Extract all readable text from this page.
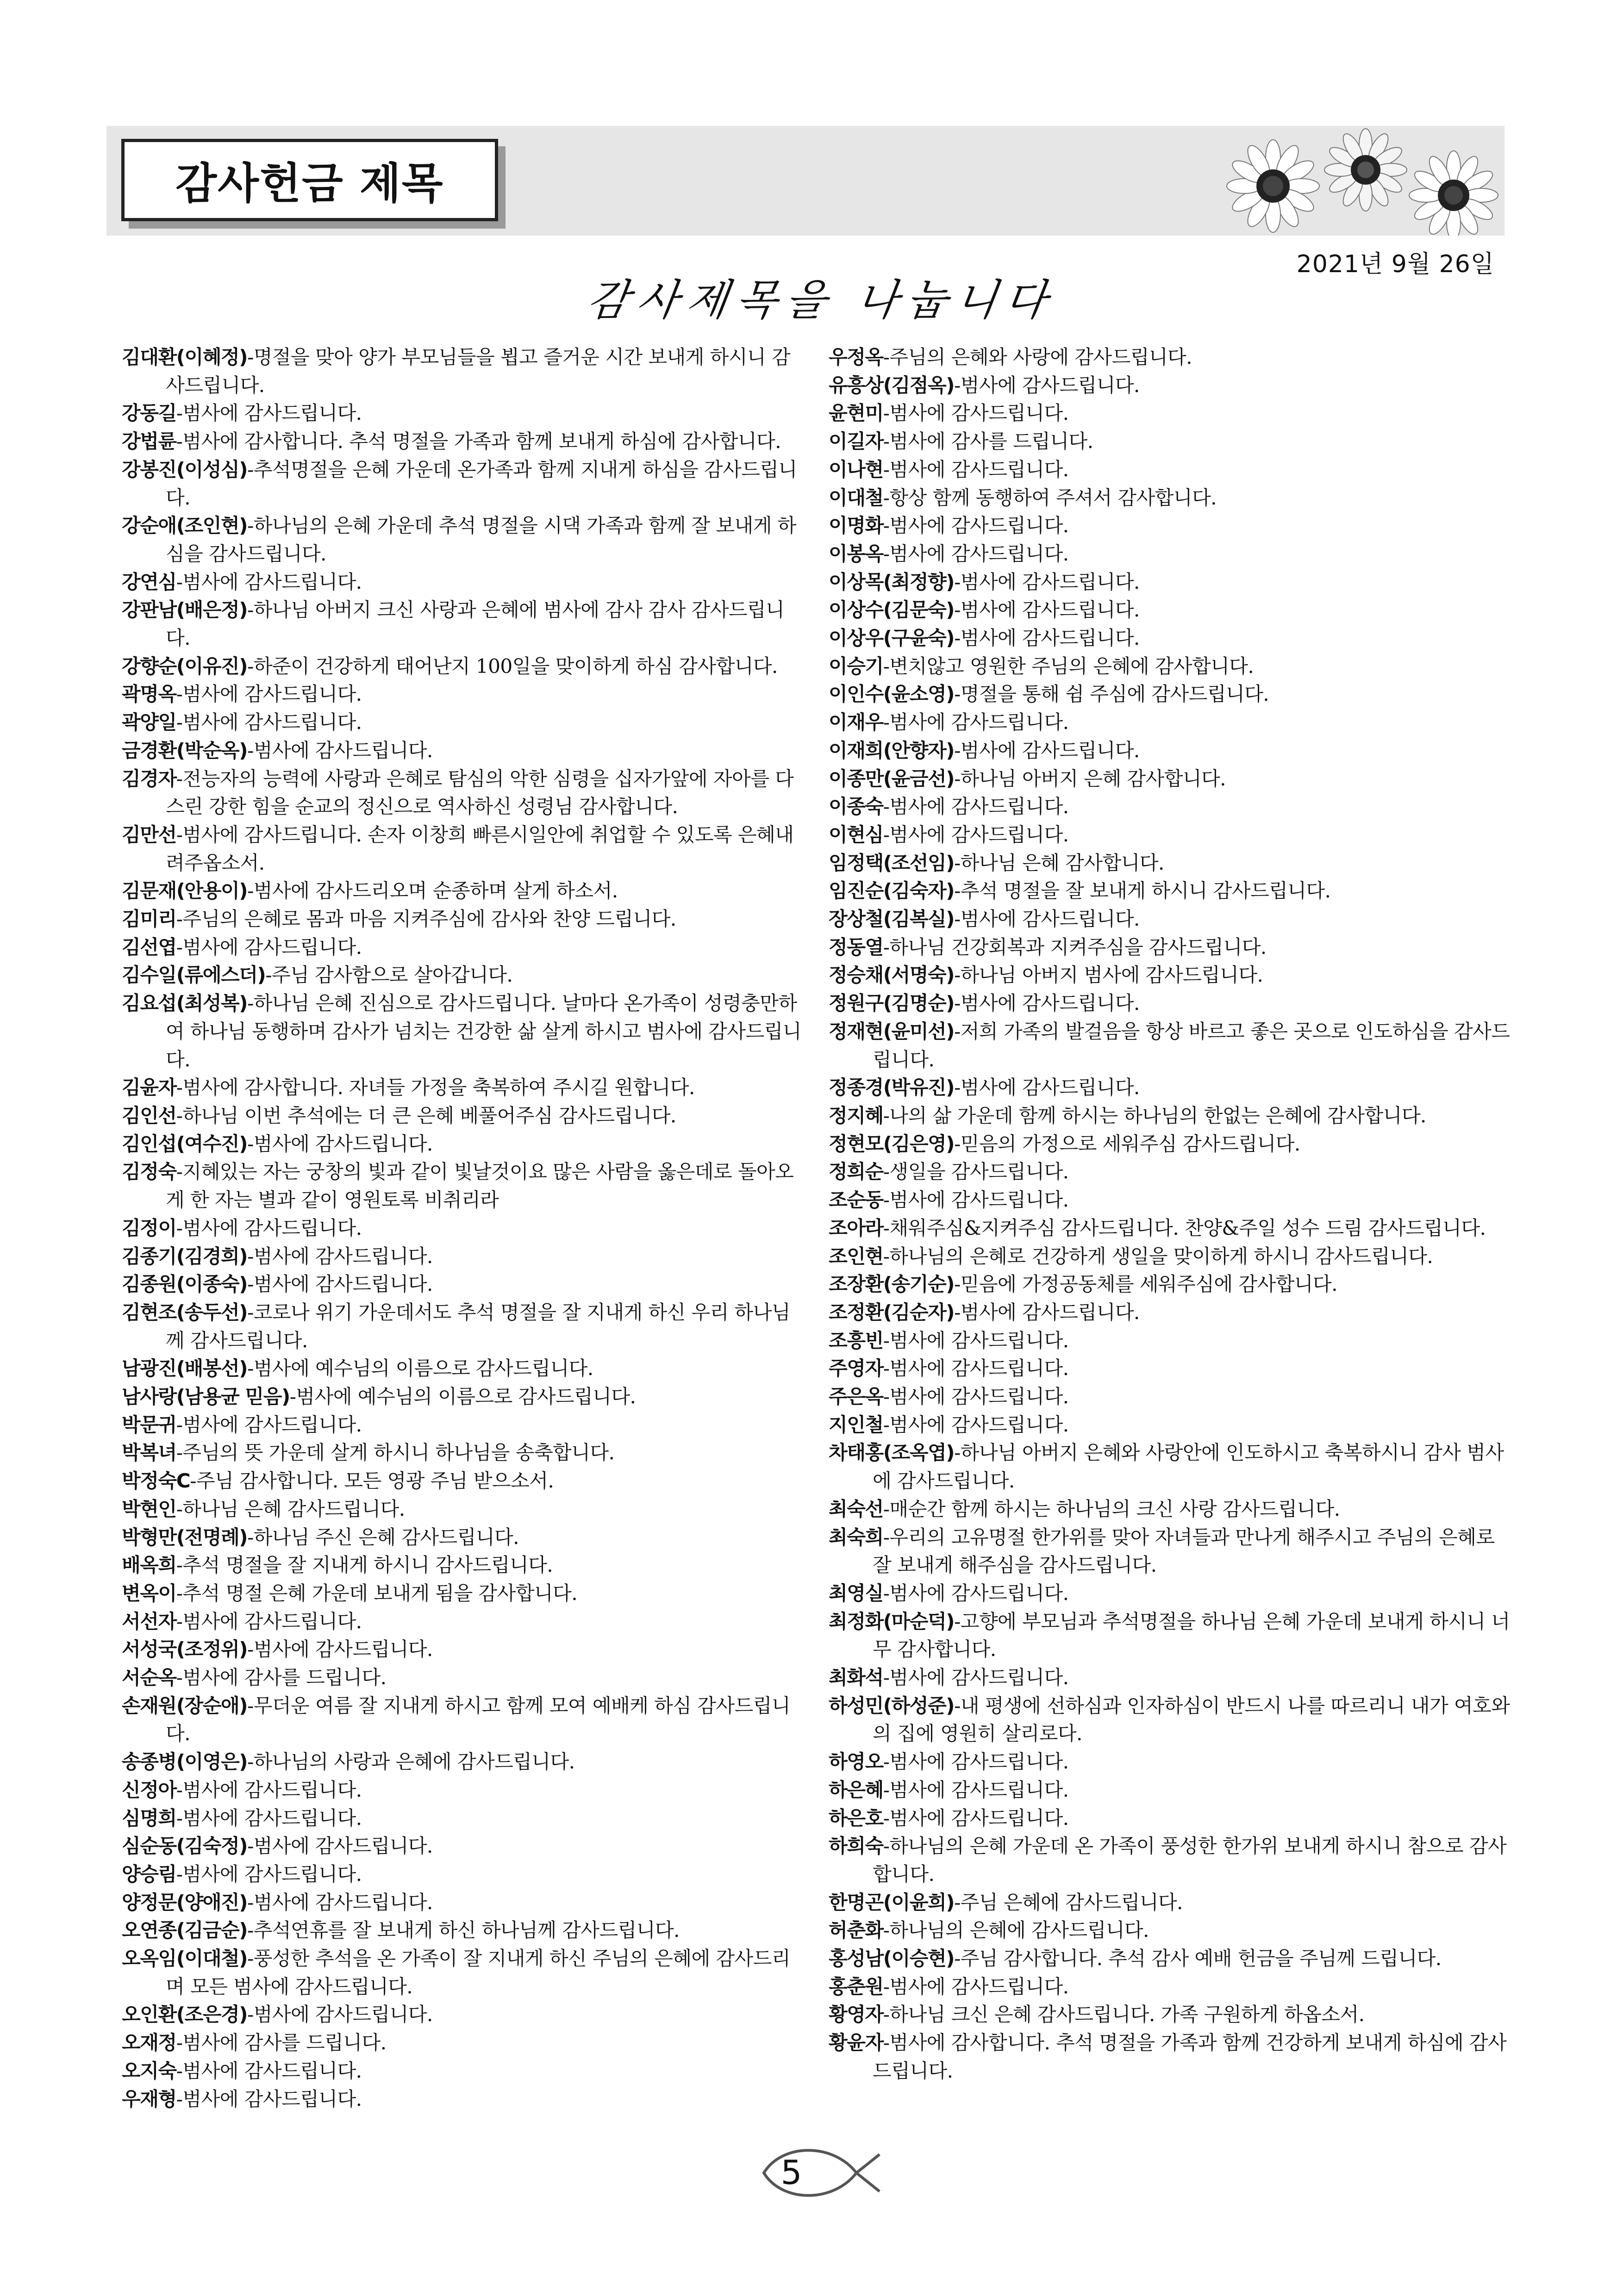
감사헌금 제목
2021년 9월 26일
감사제목을 나눕니다
김대환(이혜정)-명절을 맞아 양가 부모님들을 뵙고 즐거운 시간 보내게 하시니 감사드립니다.
강동길-범사에 감사드립니다.
강법륜-범사에 감사합니다. 추석 명절을 가족과 함께 보내게 하심에 감사합니다.
강봉진(이성심)-추석명절을 은혜 가운데 온가족과 함께 지내게 하심을 감사드립니다.
강순애(조인현)-하나님의 은혜 가운데 추석 명절을 시댁 가족과 함께 잘 보내게 하심을 감사드립니다.
강연심-범사에 감사드립니다.
강판남(배은정)-하나님 아버지 크신 사랑과 은혜에 범사에 감사 감사 감사드립니다.
강향순(이유진)-하준이 건강하게 태어난지 100일을 맞이하게 하심 감사합니다.
곽명옥-범사에 감사드립니다.
곽양일-범사에 감사드립니다.
금경환(박순옥)-범사에 감사드립니다.
김경자-전능자의 능력에 사랑과 은혜로 탐심의 악한 심령을 십자가앞에 자아를 다스린 강한 힘을 순교의 정신으로 역사하신 성령님 감사합니다.
김만선-범사에 감사드립니다. 손자 이창희 빠른시일안에 취업할 수 있도록 은혜내려주옵소서.
김문재(안용이)-범사에 감사드리오며 순종하며 살게 하소서.
김미리-주님의 은혜로 몸과 마음 지켜주심에 감사와 찬양 드립니다.
김선엽-범사에 감사드립니다.
김수일(류에스더)-주님 감사함으로 살아갑니다.
김요섭(최성복)-하나님 은혜 진심으로 감사드립니다. 날마다 온가족이 성령충만하여 하나님 동행하며 감사가 넘치는 건강한 삶 살게 하시고 범사에 감사드립니다.
김윤자-범사에 감사합니다. 자녀들 가정을 축복하여 주시길 원합니다.
김인선-하나님 이번 추석에는 더 큰 은혜 베풀어주심 감사드립니다.
김인섭(여수진)-범사에 감사드립니다.
김정숙-지혜있는 자는 궁창의 빛과 같이 빛날것이요 많은 사람을 옳은데로 돌아오게 한 자는 별과 같이 영원토록 비취리라
김정이-범사에 감사드립니다.
김종기(김경희)-범사에 감사드립니다.
김종원(이종숙)-범사에 감사드립니다.
김현조(송두선)-코로나 위기 가운데서도 추석 명절을 잘 지내게 하신 우리 하나님께 감사드립니다.
남광진(배봉선)-범사에 예수님의 이름으로 감사드립니다.
남사랑(남용균 믿음)-범사에 예수님의 이름으로 감사드립니다.
박문귀-범사에 감사드립니다.
박복녀-주님의 뜻 가운데 살게 하시니 하나님을 송축합니다.
박정숙C-주님 감사합니다. 모든 영광 주님 받으소서.
박현인-하나님 은혜 감사드립니다.
박형만(전명례)-하나님 주신 은혜 감사드립니다.
배옥희-추석 명절을 잘 지내게 하시니 감사드립니다.
변옥이-추석 명절 은혜 가운데 보내게 됨을 감사합니다.
서선자-범사에 감사드립니다.
서성국(조정위)-범사에 감사드립니다.
서순옥-범사에 감사를 드립니다.
손재원(장순애)-무더운 여름 잘 지내게 하시고 함께 모여 예배케 하심 감사드립니다.
송종병(이영은)-하나님의 사랑과 은혜에 감사드립니다.
신정아-범사에 감사드립니다.
심명희-범사에 감사드립니다.
심순동(김숙정)-범사에 감사드립니다.
양승림-범사에 감사드립니다.
양정문(양애진)-범사에 감사드립니다.
오연종(김금순)-추석연휴를 잘 보내게 하신 하나님께 감사드립니다.
오옥임(이대철)-풍성한 추석을 온 가족이 잘 지내게 하신 주님의 은혜에 감사드리며 모든 범사에 감사드립니다.
오인환(조은경)-범사에 감사드립니다.
오재정-범사에 감사를 드립니다.
오지숙-범사에 감사드립니다.
우재형-범사에 감사드립니다.
우정옥-주님의 은혜와 사랑에 감사드립니다.
유흥상(김점옥)-범사에 감사드립니다.
윤현미-범사에 감사드립니다.
이길자-범사에 감사를 드립니다.
이나현-범사에 감사드립니다.
이대철-항상 함께 동행하여 주셔서 감사합니다.
이명화-범사에 감사드립니다.
이봉옥-범사에 감사드립니다.
이상목(최정향)-범사에 감사드립니다.
이상수(김문숙)-범사에 감사드립니다.
이상우(구윤숙)-범사에 감사드립니다.
이승기-변치않고 영원한 주님의 은혜에 감사합니다.
이인수(윤소영)-명절을 통해 쉼 주심에 감사드립니다.
이재우-범사에 감사드립니다.
이재희(안향자)-범사에 감사드립니다.
이종만(윤금선)-하나님 아버지 은혜 감사합니다.
이종숙-범사에 감사드립니다.
이현심-범사에 감사드립니다.
임정택(조선임)-하나님 은혜 감사합니다.
임진순(김숙자)-추석 명절을 잘 보내게 하시니 감사드립니다.
장상철(김복실)-범사에 감사드립니다.
정동열-하나님 건강회복과 지켜주심을 감사드립니다.
정승채(서명숙)-하나님 아버지 범사에 감사드립니다.
정원구(김명순)-범사에 감사드립니다.
정재현(윤미선)-저희 가족의 발걸음을 항상 바르고 좋은 곳으로 인도하심을 감사드립니다.
정종경(박유진)-범사에 감사드립니다.
정지혜-나의 삶 가운데 함께 하시는 하나님의 한없는 은혜에 감사합니다.
정현모(김은영)-믿음의 가정으로 세워주심 감사드립니다.
정희순-생일을 감사드립니다.
조순동-범사에 감사드립니다.
조아라-채워주심&지켜주심 감사드립니다. 찬양&주일 성수 드림 감사드립니다.
조인현-하나님의 은혜로 건강하게 생일을 맞이하게 하시니 감사드립니다.
조장환(송기순)-믿음에 가정공동체를 세워주심에 감사합니다.
조정환(김순자)-범사에 감사드립니다.
조흥빈-범사에 감사드립니다.
주영자-범사에 감사드립니다.
주은옥-범사에 감사드립니다.
지인철-범사에 감사드립니다.
차태홍(조옥엽)-하나님 아버지 은혜와 사랑안에 인도하시고 축복하시니 감사 범사에 감사드립니다.
최숙선-매순간 함께 하시는 하나님의 크신 사랑 감사드립니다.
최숙희-우리의 고유명절 한가위를 맞아 자녀들과 만나게 해주시고 주님의 은혜로 잘 보내게 해주심을 감사드립니다.
최영실-범사에 감사드립니다.
최정화(마순덕)-고향에 부모님과 추석명절을 하나님 은혜 가운데 보내게 하시니 너무 감사합니다.
최화석-범사에 감사드립니다.
하성민(하성준)-내 평생에 선하심과 인자하심이 반드시 나를 따르리니 내가 여호와의 집에 영원히 살리로다.
하영오-범사에 감사드립니다.
하은혜-범사에 감사드립니다.
하은호-범사에 감사드립니다.
하희숙-하나님의 은혜 가운데 온 가족이 풍성한 한가위 보내게 하시니 참으로 감사합니다.
한명곤(이윤희)-주님 은혜에 감사드립니다.
허춘화-하나님의 은혜에 감사드립니다.
홍성남(이승현)-주님 감사합니다. 추석 감사 예배 헌금을 주님께 드립니다.
홍춘원-범사에 감사드립니다.
황영자-하나님 크신 은혜 감사드립니다. 가족 구원하게 하옵소서.
황윤자-범사에 감사합니다. 추석 명절을 가족과 함께 건강하게 보내게 하심에 감사드립니다.
5
